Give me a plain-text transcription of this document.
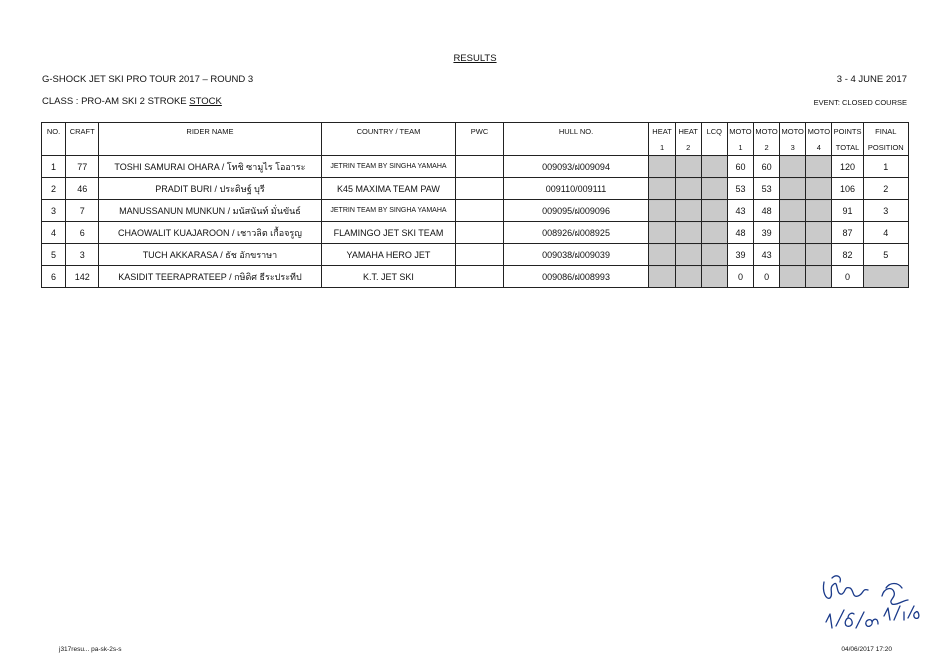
RESULTS
G-SHOCK JET SKI PRO TOUR 2017 – ROUND 3	3 - 4 JUNE 2017
CLASS : PRO-AM SKI 2 STROKE STOCK	EVENT: CLOSED COURSE
NO.	CRAFT	RIDER NAME	COUNTRY / TEAM	PWC	HULL NO.	HEAT	HEAT	LCQ	MOTO	MOTO	MOTO	MOTO	POINTS	FINAL
						1	2		1	2	3	4	TOTAL	POSITION
1	77	TOSHI SAMURAI OHARA / โทชิ ซามูไร โออาระ	JETRIN TEAM BY SINGHA YAMAHA		009093/ฝ009094				60	60			120	1
2	46	PRADIT BURI / ประดิษฐ์ บุรี	K45 MAXIMA TEAM PAW		009110/009111				53	53			106	2
3	7	MANUSSANUN MUNKUN / มนัสนันท์ มั่นขันธ์	JETRIN TEAM BY SINGHA YAMAHA		009095/ฝ009096				43	48			91	3
4	6	CHAOWALIT KUAJAROON / เชาวลิต เกื้อจรูญ	FLAMINGO JET SKI TEAM		008926/ฝ008925				48	39			87	4
5	3	TUCH AKKARASA / ธัช อักขราษา	YAMAHA HERO JET		009038/ฝ009039				39	43			82	5
6	142	KASIDIT TEERAPRATEEP / กษิดิศ ธีระประทีป	K.T. JET SKI		009086/ฝ008993				0	0			0	
j317resu... pa-sk-2s-s	04/06/2017 17:20
